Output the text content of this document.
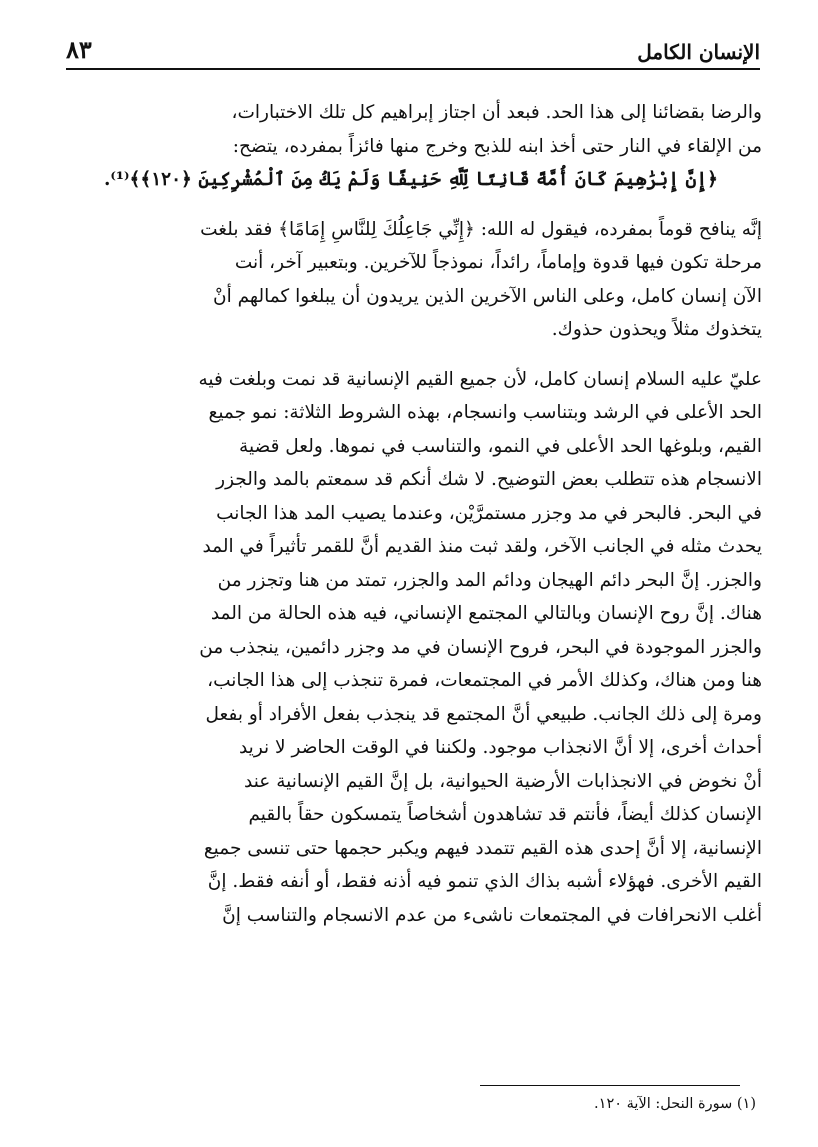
٨٣	الإنسان الكامل

والرضا بقضائنا إلى هذا الحد. فبعد أن اجتاز إبراهيم كل تلك الاختبارات،
من الإلقاء في النار حتى أخذ ابنه للذبح وخرج منها فائزاً بمفرده، يتضح:
﴿إِنَّ إِبْرَٰهِيمَ كَانَ أُمَّةً قَانِتًا لِّلَّهِ حَنِيفًا وَلَمْ يَكُ مِنَ ٱلْمُشْرِكِينَ ﴿١٢٠﴾﴾⁽¹⁾.

إنَّه ينافح قوماً بمفرده، فيقول له الله: ﴿إِنِّي جَاعِلُكَ لِلنَّاسِ إِمَامًا﴾ فقد بلغت
مرحلة تكون فيها قدوة وإماماً، رائداً، نموذجاً للآخرين. وبتعبير آخر، أنت
الآن إنسان كامل، وعلى الناس الآخرين الذين يريدون أن يبلغوا كمالهم أنْ
يتخذوك مثلاً ويحذون حذوك.

عليّ عليه السلام إنسان كامل، لأن جميع القيم الإنسانية قد نمت وبلغت فيه
الحد الأعلى في الرشد وبتناسب وانسجام، بهذه الشروط الثلاثة: نمو جميع
القيم، وبلوغها الحد الأعلى في النمو، والتناسب في نموها. ولعل قضية
الانسجام هذه تتطلب بعض التوضيح. لا شك أنكم قد سمعتم بالمد والجزر
في البحر. فالبحر في مد وجزر مستمرَّيْن، وعندما يصيب المد هذا الجانب
يحدث مثله في الجانب الآخر، ولقد ثبت منذ القديم أنَّ للقمر تأثيراً في المد
والجزر. إنَّ البحر دائم الهيجان ودائم المد والجزر، تمتد من هنا وتجزر من
هناك. إنَّ روح الإنسان وبالتالي المجتمع الإنساني، فيه هذه الحالة من المد
والجزر الموجودة في البحر، فروح الإنسان في مد وجزر دائمين، ينجذب من
هنا ومن هناك، وكذلك الأمر في المجتمعات، فمرة تنجذب إلى هذا الجانب،
ومرة إلى ذلك الجانب. طبيعي أنَّ المجتمع قد ينجذب بفعل الأفراد أو بفعل
أحداث أخرى، إلا أنَّ الانجذاب موجود. ولكننا في الوقت الحاضر لا نريد
أنْ نخوض في الانجذابات الأرضية الحيوانية، بل إنَّ القيم الإنسانية عند
الإنسان كذلك أيضاً، فأنتم قد تشاهدون أشخاصاً يتمسكون حقاً بالقيم
الإنسانية، إلا أنَّ إحدى هذه القيم تتمدد فيهم ويكبر حجمها حتى تنسى جميع
القيم الأخرى. فهؤلاء أشبه بذاك الذي تنمو فيه أذنه فقط، أو أنفه فقط. إنَّ
أغلب الانحرافات في المجتمعات ناشىء من عدم الانسجام والتناسب إنَّ

(١) سورة النحل: الآية ١٢٠.
